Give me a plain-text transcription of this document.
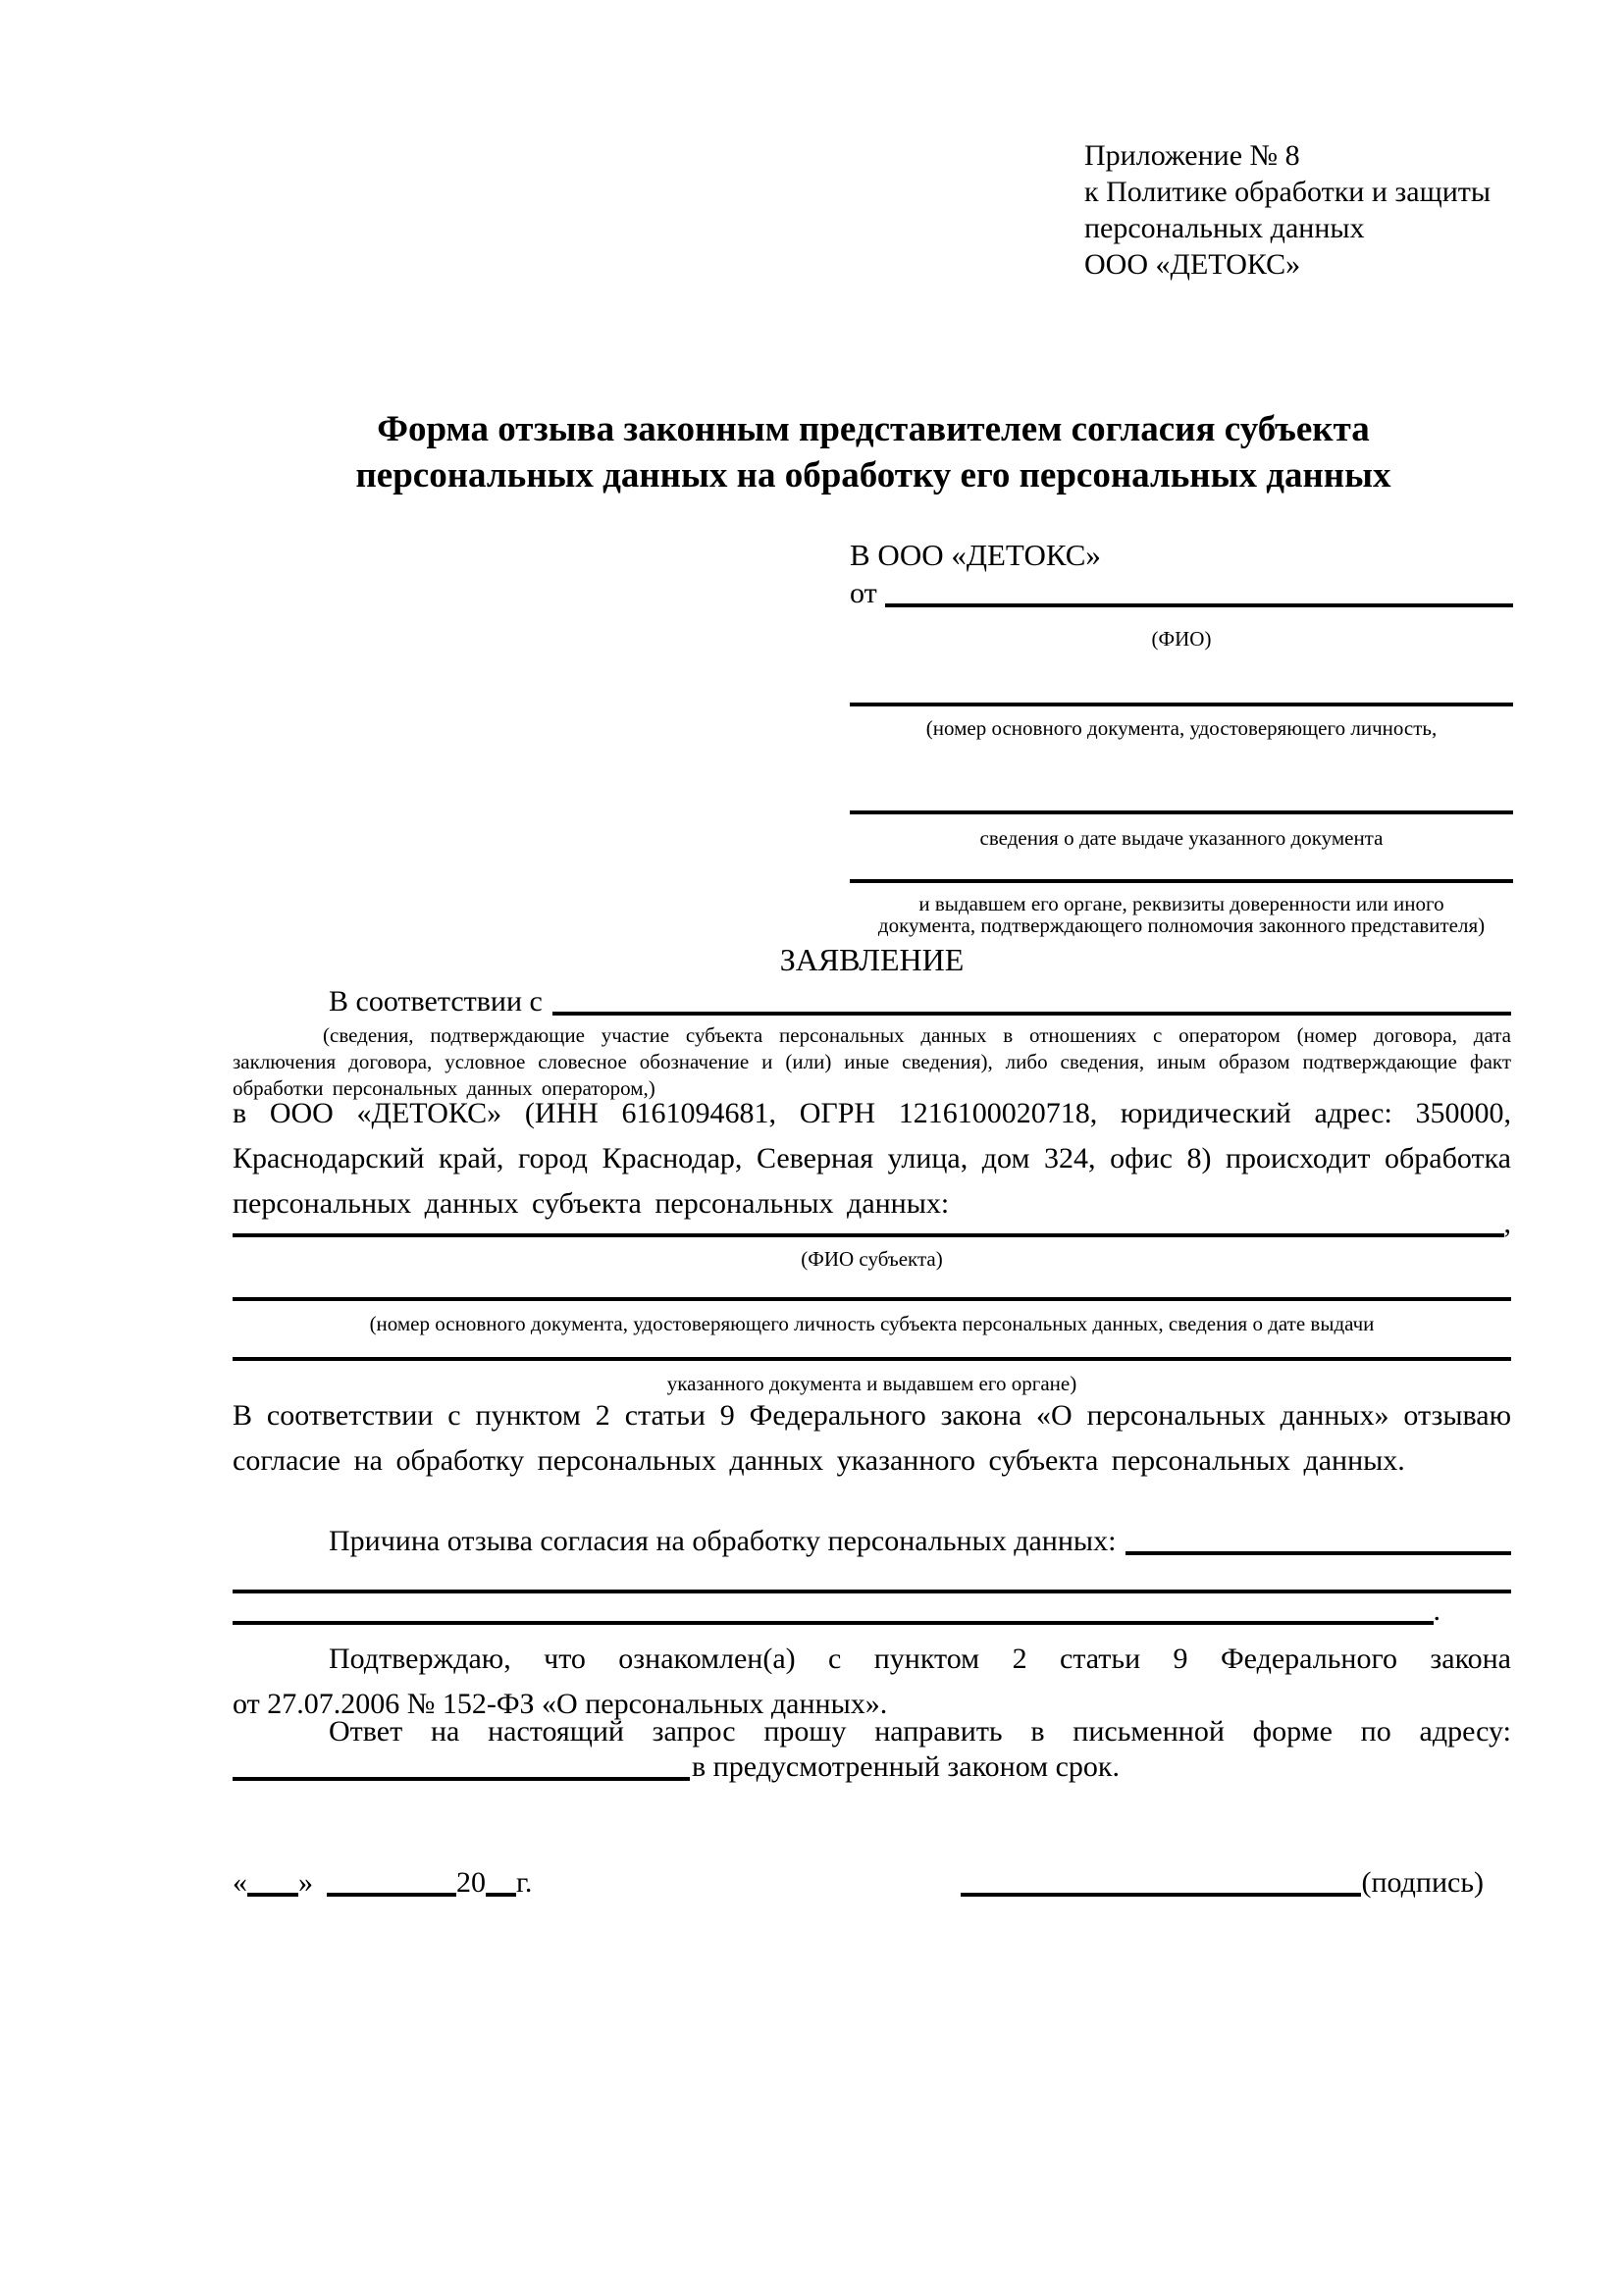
Приложение № 8
к Политике обработки и защиты
персональных данных
ООО «ДЕТОКС»
Форма отзыва законным представителем согласия субъекта
персональных данных на обработку его персональных данных
В ООО «ДЕТОКС»
от
(ФИО)
(номер основного документа, удостоверяющего личность,
сведения о дате выдаче указанного документа
и выдавшем его органе, реквизиты доверенности или иного
ЗАЯВЛЕНИЕ
В соответствии с
(сведения, подтверждающие участие субъекта персональных данных в отношениях с оператором (номер договора, дата заключения договора, условное словесное обозначение и (или) иные сведения), либо сведения, иным образом подтверждающие факт обработки персональных данных оператором,)
в ООО «ДЕТОКС» (ИНН 6161094681, ОГРН 1216100020718, юридический адрес: 350000, Краснодарский край, город Краснодар, Северная улица, дом 324, офис 8) происходит обработка персональных данных субъекта персональных данных:
,
(ФИО субъекта)
(номер основного документа, удостоверяющего личность субъекта персональных данных, сведения о дате выдачи
указанного документа и выдавшем его органе)
В соответствии с пунктом 2 статьи 9 Федерального закона «О персональных данных» отзываю согласие на обработку персональных данных указанного субъекта персональных данных.
Причина отзыва согласия на обработку персональных данных:
.
Подтверждаю, что ознакомлен(а) с пунктом 2 статьи 9 Федерального закона
от 27.07.2006 № 152-ФЗ «О персональных данных».
Ответ на настоящий запрос прошу направить в письменной форме по адресу:
в предусмотренный законом срок.
документа, подтверждающего полномочия законного представителя)
« »	20 г.	(подпись)
